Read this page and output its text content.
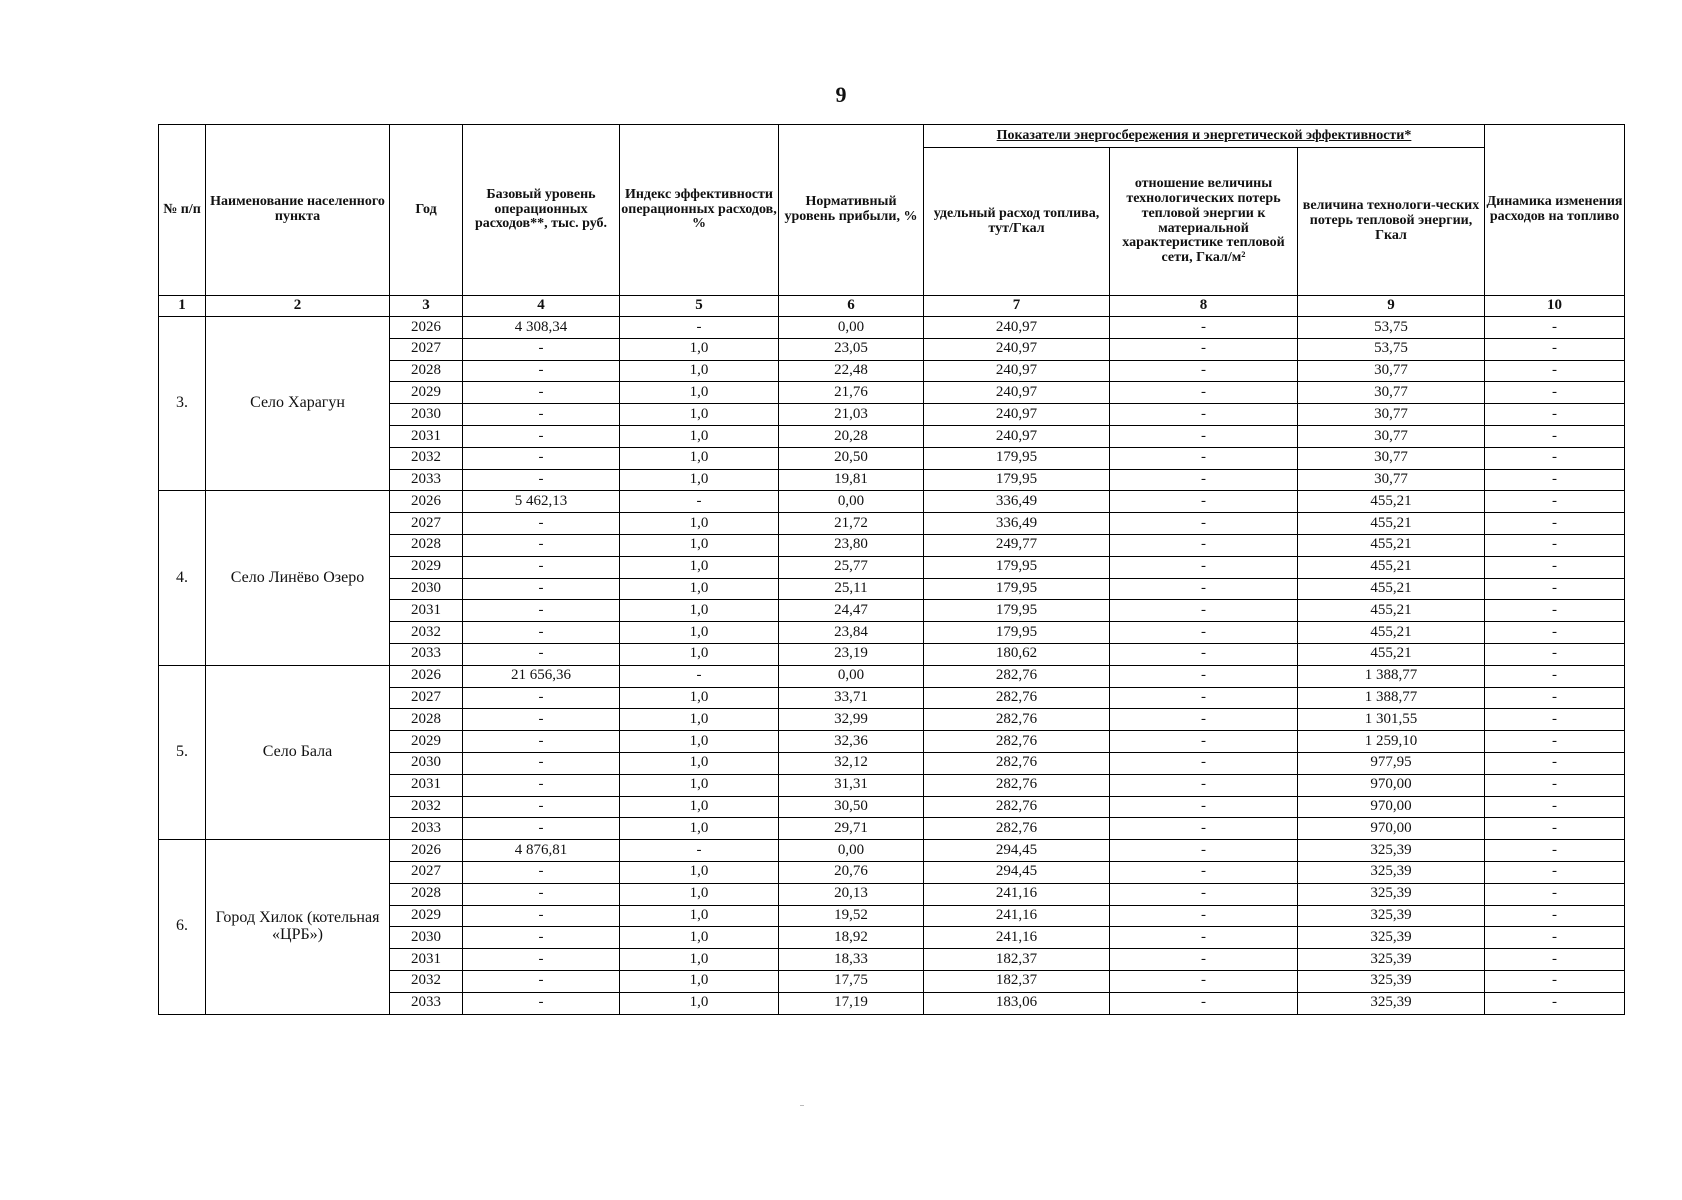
9
№ п/п	Наименование населенного пункта	Год	Базовый уровень операционных расходов**, тыс. руб.	Индекс эффективности операционных расходов, %	Нормативный уровень прибыли, %	Показатели энергосбережения и энергетической эффективности*			Динамика изменения расходов на топливо
						удельный расход топлива, тут/Гкал	отношение величины технологических потерь тепловой энергии к материальной характеристике тепловой сети, Гкал/м²	величина технологи-ческих потерь тепловой энергии, Гкал	
1	2	3	4	5	6	7	8	9	10
3.	Село Харагун	2026	4 308,34	-	0,00	240,97	-	53,75	-
		2027	-	1,0	23,05	240,97	-	53,75	-
		2028	-	1,0	22,48	240,97	-	30,77	-
		2029	-	1,0	21,76	240,97	-	30,77	-
		2030	-	1,0	21,03	240,97	-	30,77	-
		2031	-	1,0	20,28	240,97	-	30,77	-
		2032	-	1,0	20,50	179,95	-	30,77	-
		2033	-	1,0	19,81	179,95	-	30,77	-
4.	Село Линёво Озеро	2026	5 462,13	-	0,00	336,49	-	455,21	-
		2027	-	1,0	21,72	336,49	-	455,21	-
		2028	-	1,0	23,80	249,77	-	455,21	-
		2029	-	1,0	25,77	179,95	-	455,21	-
		2030	-	1,0	25,11	179,95	-	455,21	-
		2031	-	1,0	24,47	179,95	-	455,21	-
		2032	-	1,0	23,84	179,95	-	455,21	-
		2033	-	1,0	23,19	180,62	-	455,21	-
5.	Село Бала	2026	21 656,36	-	0,00	282,76	-	1 388,77	-
		2027	-	1,0	33,71	282,76	-	1 388,77	-
		2028	-	1,0	32,99	282,76	-	1 301,55	-
		2029	-	1,0	32,36	282,76	-	1 259,10	-
		2030	-	1,0	32,12	282,76	-	977,95	-
		2031	-	1,0	31,31	282,76	-	970,00	-
		2032	-	1,0	30,50	282,76	-	970,00	-
		2033	-	1,0	29,71	282,76	-	970,00	-
6.	Город Хилок (котельная «ЦРБ»)	2026	4 876,81	-	0,00	294,45	-	325,39	-
		2027	-	1,0	20,76	294,45	-	325,39	-
		2028	-	1,0	20,13	241,16	-	325,39	-
		2029	-	1,0	19,52	241,16	-	325,39	-
		2030	-	1,0	18,92	241,16	-	325,39	-
		2031	-	1,0	18,33	182,37	-	325,39	-
		2032	-	1,0	17,75	182,37	-	325,39	-
		2033	-	1,0	17,19	183,06	-	325,39	-
